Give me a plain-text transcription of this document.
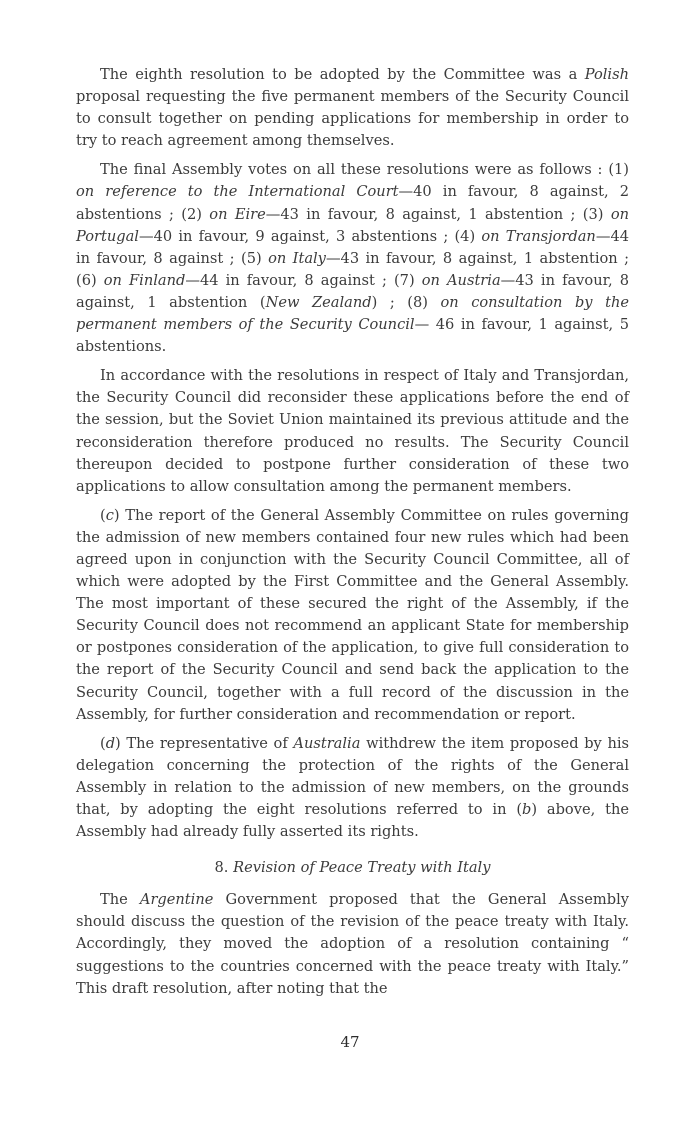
The eighth resolution to be adopted by the Committee was a Polish proposal requesting the five permanent members of the Security Council to consult together on pending applications for membership in order to try to reach agreement among themselves.

The final Assembly votes on all these resolutions were as follows : (1) on reference to the International Court—40 in favour, 8 against, 2 abstentions ; (2) on Eire—43 in favour, 8 against, 1 abstention ; (3) on Portugal—40 in favour, 9 against, 3 abstentions ; (4) on Transjordan—44 in favour, 8 against ; (5) on Italy—43 in favour, 8 against, 1 abstention ; (6) on Finland—44 in favour, 8 against ; (7) on Austria—43 in favour, 8 against, 1 abstention (New Zealand) ; (8) on consultation by the permanent members of the Security Council— 46 in favour, 1 against, 5 abstentions.

In accordance with the resolutions in respect of Italy and Transjordan, the Security Council did reconsider these applications before the end of the session, but the Soviet Union maintained its previous attitude and the reconsideration therefore produced no results. The Security Council thereupon decided to postpone further consideration of these two applications to allow consultation among the permanent members.

(c) The report of the General Assembly Committee on rules governing the admission of new members contained four new rules which had been agreed upon in conjunction with the Security Council Committee, all of which were adopted by the First Committee and the General Assembly. The most important of these secured the right of the Assembly, if the Security Council does not recommend an applicant State for membership or postpones consideration of the application, to give full consideration to the report of the Security Council and send back the application to the Security Council, together with a full record of the discussion in the Assembly, for further consideration and recommendation or report.

(d) The representative of Australia withdrew the item proposed by his delegation concerning the protection of the rights of the General Assembly in relation to the admission of new members, on the grounds that, by adopting the eight resolutions referred to in (b) above, the Assembly had already fully asserted its rights.

8. Revision of Peace Treaty with Italy

The Argentine Government proposed that the General Assembly should discuss the question of the revision of the peace treaty with Italy. Accordingly, they moved the adoption of a resolution containing “ suggestions to the countries concerned with the peace treaty with Italy.” This draft resolution, after noting that the

47
